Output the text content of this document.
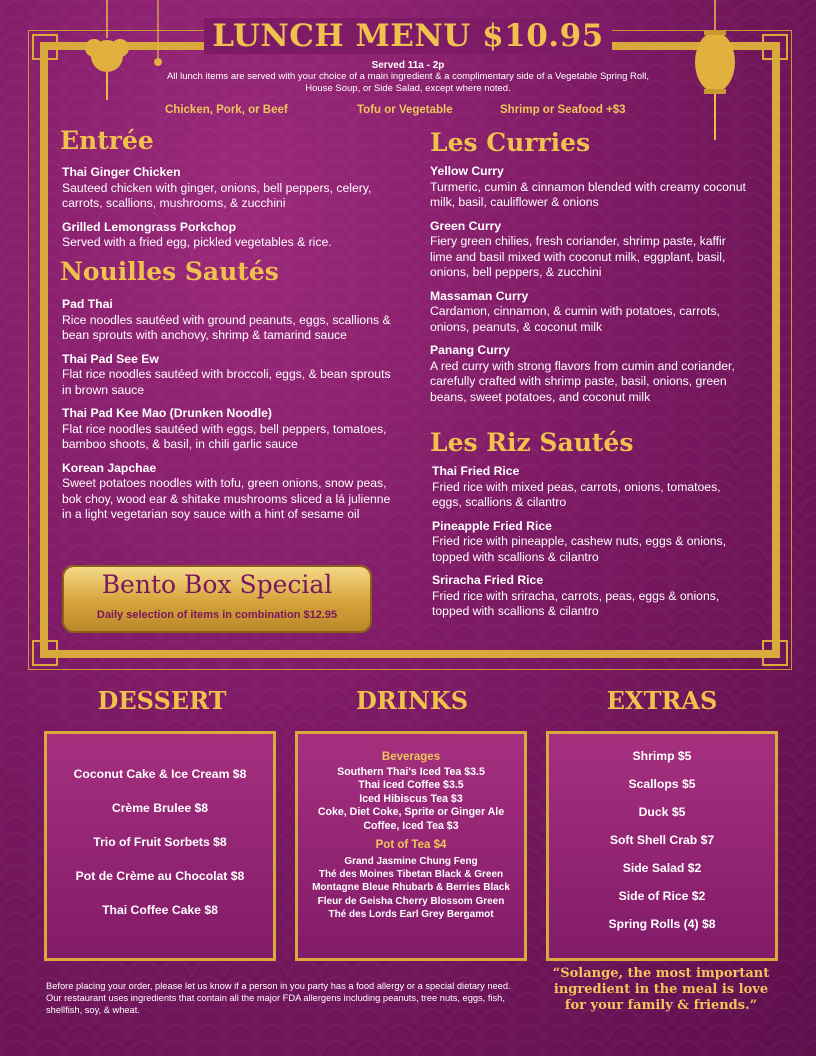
LUNCH MENU $10.95
Served 11a - 2p
All lunch items are served with your choice of a main ingredient & a complimentary side of a Vegetable Spring Roll, House Soup, or Side Salad, except where noted.
Chicken, Pork, or Beef	Tofu or Vegetable	Shrimp or Seafood +$3
Entrée
Thai Ginger Chicken
Sauteed chicken with ginger, onions, bell peppers, celery, carrots, scallions, mushrooms, & zucchini
Grilled Lemongrass Porkchop
Served with a fried egg, pickled vegetables & rice.
Nouilles Sautés
Pad Thai
Rice noodles sautéed with ground peanuts, eggs, scallions & bean sprouts with anchovy, shrimp & tamarind sauce
Thai Pad See Ew
Flat rice noodles sautéed with broccoli, eggs, & bean sprouts in brown sauce
Thai Pad Kee Mao (Drunken Noodle)
Flat rice noodles sautéed with eggs, bell peppers, tomatoes, bamboo shoots, & basil, in chili garlic sauce
Korean Japchae
Sweet potatoes noodles with tofu, green onions, snow peas, bok choy, wood ear & shitake mushrooms sliced a lá julienne in a light vegetarian soy sauce with a hint of sesame oil
Les Curries
Yellow Curry
Turmeric, cumin & cinnamon blended with creamy coconut milk, basil, cauliflower & onions
Green Curry
Fiery green chilies, fresh coriander, shrimp paste, kaffir lime and basil mixed with coconut milk, eggplant, basil, onions, bell peppers, & zucchini
Massaman Curry
Cardamon, cinnamon, & cumin with potatoes, carrots, onions, peanuts, & coconut milk
Panang Curry
A red curry with strong flavors from cumin and coriander, carefully crafted with shrimp paste, basil, onions, green beans, sweet potatoes, and coconut milk
Les Riz Sautés
Thai Fried Rice
Fried rice with mixed peas, carrots, onions, tomatoes, eggs, scallions & cilantro
Pineapple Fried Rice
Fried rice with pineapple, cashew nuts, eggs & onions, topped with scallions & cilantro
Sriracha Fried Rice
Fried rice with sriracha, carrots, peas, eggs & onions, topped with scallions & cilantro
Bento Box Special
Daily selection of items in combination $12.95
DESSERT	DRINKS	EXTRAS
Coconut Cake & Ice Cream $8
Crème Brulee $8
Trio of Fruit Sorbets $8
Pot de Crème au Chocolat $8
Thai Coffee Cake $8
Beverages
Southern Thai's Iced Tea $3.5
Thai Iced Coffee $3.5
Iced Hibiscus Tea $3
Coke, Diet Coke, Sprite or Ginger Ale
Coffee, Iced Tea $3
Pot of Tea $4
Grand Jasmine Chung Feng
Thé des Moines Tibetan Black & Green
Montagne Bleue Rhubarb & Berries Black
Fleur de Geisha Cherry Blossom Green
Thé des Lords Earl Grey Bergamot
Shrimp $5
Scallops $5
Duck $5
Soft Shell Crab $7
Side Salad $2
Side of Rice $2
Spring Rolls (4) $8
Before placing your order, please let us know if a person in you party has a food allergy or a special dietary need. Our restaurant uses ingredients that contain all the major FDA allergens including peanuts, tree nuts, eggs, fish, shellfish, soy, & wheat.
“Solange, the most important ingredient in the meal is love for your family & friends.”
